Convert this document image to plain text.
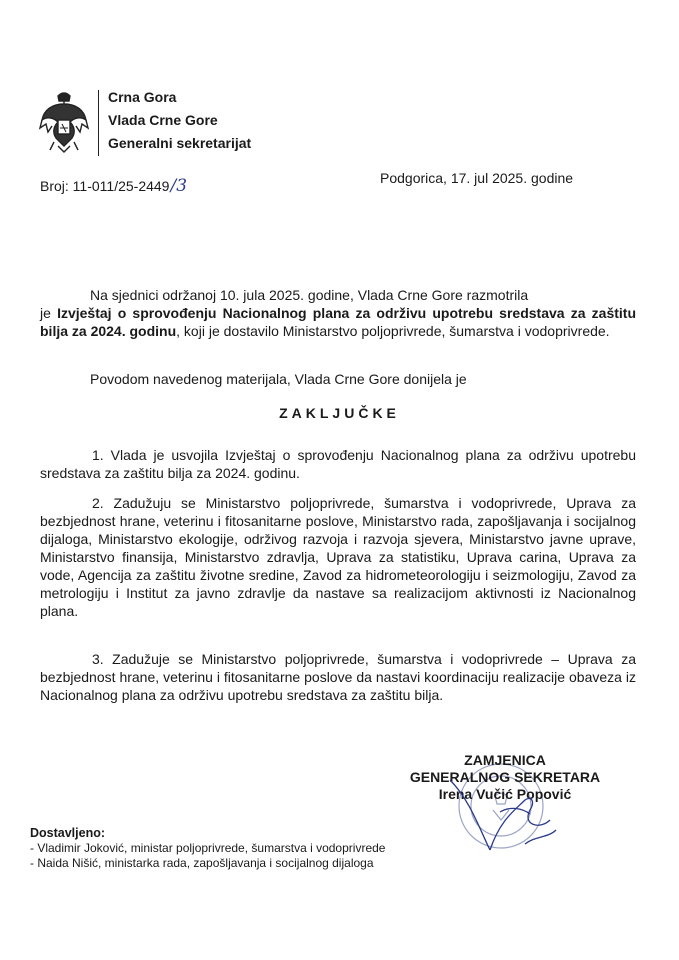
Crna Gora
Vlada Crne Gore
Generalni sekretarijat
Broj: 11-011/25-2449/3	Podgorica, 17. jul 2025. godine
Na sjednici održanoj 10. jula 2025. godine, Vlada Crne Gore razmotrila
je Izvještaj o sprovođenju Nacionalnog plana za održivu upotrebu sredstava za zaštitu bilja za 2024. godinu, koji je dostavilo Ministarstvo poljoprivrede, šumarstva i vodoprivrede.
Povodom navedenog materijala, Vlada Crne Gore donijela je
ZAKLJUČKE
1. Vlada je usvojila Izvještaj o sprovođenju Nacionalnog plana za održivu upotrebu sredstava za zaštitu bilja za 2024. godinu.
2. Zadužuju se Ministarstvo poljoprivrede, šumarstva i vodoprivrede, Uprava za bezbjednost hrane, veterinu i fitosanitarne poslove, Ministarstvo rada, zapošljavanja i socijalnog dijaloga, Ministarstvo ekologije, održivog razvoja i razvoja sjevera, Ministarstvo javne uprave, Ministarstvo finansija, Ministarstvo zdravlja, Uprava za statistiku, Uprava carina, Uprava za vode, Agencija za zaštitu životne sredine, Zavod za hidrometeorologiju i seizmologiju, Zavod za metrologiju i Institut za javno zdravlje da nastave sa realizacijom aktivnosti iz Nacionalnog plana.
3. Zadužuje se Ministarstvo poljoprivrede, šumarstva i vodoprivrede – Uprava za bezbjednost hrane, veterinu i fitosanitarne poslove da nastavi koordinaciju realizacije obaveza iz Nacionalnog plana za održivu upotrebu sredstava za zaštitu bilja.
ZAMJENICA
GENERALNOG SEKRETARA
Irena Vučić Popović
Dostavljeno:
- Vladimir Joković, ministar poljoprivrede, šumarstva i vodoprivrede
- Naida Nišić, ministarka rada, zapošljavanja i socijalnog dijaloga
